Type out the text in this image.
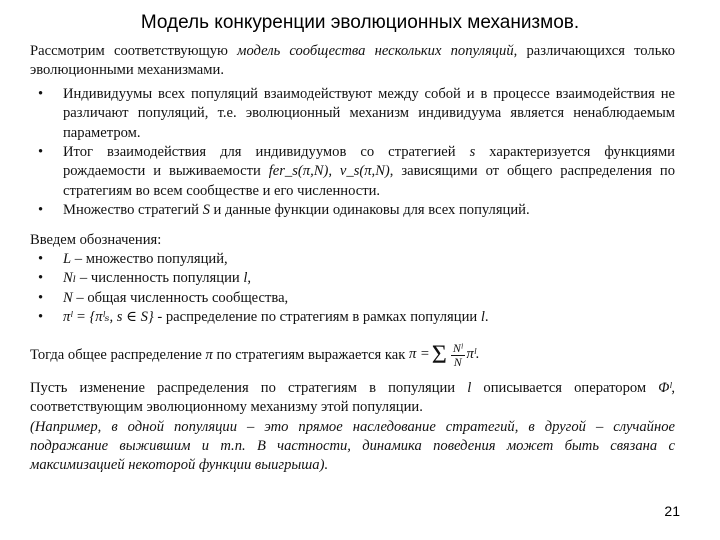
Модель конкуренции эволюционных механизмов.

Рассмотрим соответствующую модель сообщества нескольких популяций, различающихся только эволюционными механизмами.

• Индивидуумы всех популяций взаимодействуют между собой и в процессе взаимодействия не различают популяций, т.е. эволюционный механизм индивидуума является ненаблюдаемым параметром.
• Итог взаимодействия для индивидуумов со стратегией s характеризуется функциями рождаемости и выживаемости fer_s(π,N), v_s(π,N), зависящими от общего распределения по стратегиям во всем сообществе и его численности.
• Множество стратегий S и данные функции одинаковы для всех популяций.

Введем обозначения:

• L – множество популяций,
• Nₗ – численность популяции l,
• N – общая численность сообщества,
• πˡ = {πˡₛ, s ∈ S} - распределение по стратегиям в рамках популяции l.

Тогда общее распределение π по стратегиям выражается как π = Σ $\frac{\text{Nˡ}}{N}$ πˡ .

Пусть изменение распределения по стратегиям в популяции l описывается оператором Φˡ, соответствующим эволюционному механизму этой популяции.

(Например, в одной популяции – это прямое наследование стратегий, в другой – случайное подражание выжившим и т.п. В частности, динамика поведения может быть связана с максимизацией некоторой функции выигрыша).

21
